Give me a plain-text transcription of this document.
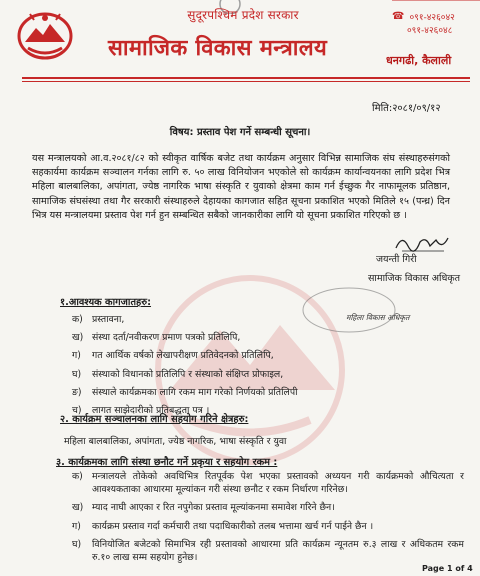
सुदूरपश्चिम प्रदेश सरकार
सामाजिक विकास मन्त्रालय
☎ ०९१-४२६०४२
०९१-४२६०४८
धनगढी, कैलाली
मिति:२०८१/०९/१२
विषय: प्रस्ताव पेश गर्ने सम्बन्धी सूचना।
यस मन्त्रालयको आ.व.२०८१/८२ को स्वीकृत वार्षिक बजेट तथा कार्यक्रम अनुसार विभिन्न सामाजिक संघ संस्थाहरुसंगको सहकार्यमा कार्यक्रम सञ्चालन गर्नका लागि रु. ५० लाख विनियोजन भएकोले सो कार्यक्रम कार्यान्वयनका लागि प्रदेश भित्र महिला बालबालिका, अपांगता, ज्येष्ठ नागरिक भाषा संस्कृति र युवाको क्षेत्रमा काम गर्न ईच्छुक गैर नाफामूलक प्रतिष्ठान, सामाजिक संघसंस्था तथा गैर सरकारी संस्थाहरुले देहायका कागजात सहित सूचना प्रकाशित भएको मितिले १५ (पन्ध्र) दिन भित्र यस मन्त्रालयमा प्रस्ताव पेश गर्न हुन सम्बन्धित सबैको जानकारीका लागि यो सूचना प्रकाशित गरिएको छ ।
जयन्ती गिरी
सामाजिक विकास अधिकृत
महिला विकास अधिकृत
१.आवश्यक कागजातहरु:
क) प्रस्तावना,
ख) संस्था दर्ता/नवीकरण प्रमाण पत्रको प्रतिलिपि,
ग)	गत आर्थिक वर्षको लेखापरीक्षण प्रतिवेदनको प्रतिलिपि,
घ)	संस्थाको विधानको प्रतिलिपि र संस्थाको संक्षिप्त प्रोफाइल,
ङ)	संस्थाले कार्यक्रमका लागि रकम माग गरेको निर्णयको प्रतिलिपी
च)	लागत साझेदारीको प्रतिबद्धता पत्र ।
२. कार्यक्रम सञ्चालनका लागि सहयोग गरिने क्षेत्रहरु:
महिला बालबालिका, अपांगता, ज्येष्ठ नागरिक, भाषा संस्कृति र युवा
३. कार्यक्रमका लागि संस्था छनौट गर्ने प्रकृया र सहयोग रकम :
क) मन्त्रालयले तोकेको अवधिभित्र रितपूर्वक पेश भएका प्रस्तावको अध्ययन गरी कार्यक्रमको औचित्यता र आवश्यकताका आधारमा मूल्यांकन गरी संस्था छनौट र रकम निर्धारण गरिनेछ।
ख) म्याद नाघी आएका र रित नपुगेका प्रस्ताव मूल्यांकनमा समावेश गरिने छैन।
ग)	कार्यक्रम प्रस्ताव गर्दा कर्मचारी तथा पदाधिकारीको तलब भत्तामा खर्च गर्न पाईने छैन ।
घ)	विनियोजित बजेटको सिमाभित्र रही प्रस्तावको आधारमा प्रति कार्यक्रम न्यूनतम रु.३ लाख र अधिकतम रकम रु.१० लाख सम्म सहयोग हुनेछ।
Page 1 of 4
